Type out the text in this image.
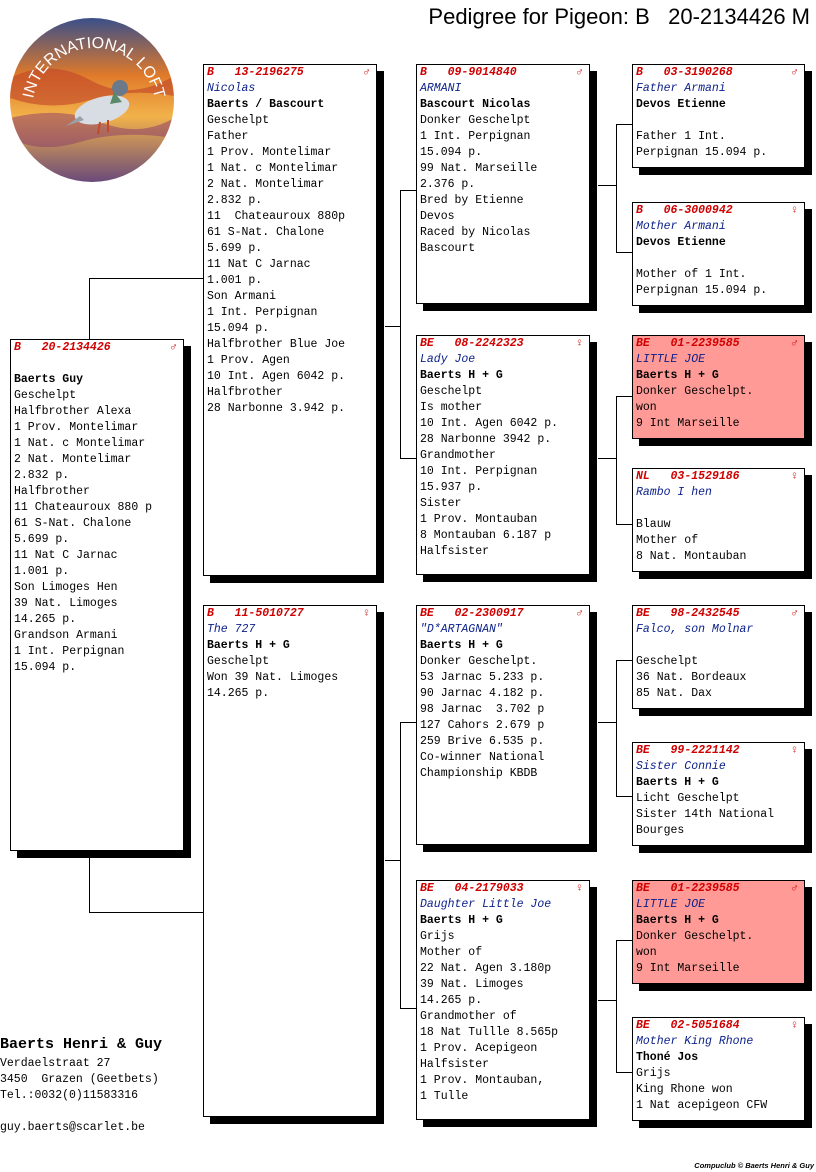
Pedigree for Pigeon: B   20-2134426 M
INTERNATIONAL LOFT
B 20-2134426	♂
Baerts Guy
Geschelpt
Halfbrother Alexa
1 Prov. Montelimar
1 Nat. c Montelimar
2 Nat. Montelimar
2.832 p.
Halfbrother
11 Chateauroux 880 p
61 S-Nat. Chalone
5.699 p.
11 Nat C Jarnac
1.001 p.
Son Limoges Hen
39 Nat. Limoges
14.265 p.
Grandson Armani
1 Int. Perpignan
15.094 p.
B 13-2196275	♂
Nicolas
Baerts / Bascourt
Geschelpt
Father
1 Prov. Montelimar
1 Nat. c Montelimar
2 Nat. Montelimar
2.832 p.
11  Chateauroux 880p
61 S-Nat. Chalone
5.699 p.
11 Nat C Jarnac
1.001 p.
Son Armani
1 Int. Perpignan
15.094 p.
Halfbrother Blue Joe
1 Prov. Agen
10 Int. Agen 6042 p.
Halfbrother
28 Narbonne 3.942 p.
B 11-5010727	♀
The 727
Baerts H + G
Geschelpt
Won 39 Nat. Limoges
14.265 p.
B 09-9014840	♂
ARMANI
Bascourt Nicolas
Donker Geschelpt
1 Int. Perpignan
15.094 p.
99 Nat. Marseille
2.376 p.
Bred by Etienne
Devos
Raced by Nicolas
Bascourt
BE 08-2242323	♀
Lady Joe
Baerts H + G
Geschelpt
Is mother
10 Int. Agen 6042 p.
28 Narbonne 3942 p.
Grandmother
10 Int. Perpignan
15.937 p.
Sister
1 Prov. Montauban
8 Montauban 6.187 p
Halfsister
BE 02-2300917	♂
"D*ARTAGNAN"
Baerts H + G
Donker Geschelpt.
53 Jarnac 5.233 p.
90 Jarnac 4.182 p.
98 Jarnac  3.702 p
127 Cahors 2.679 p
259 Brive 6.535 p.
Co-winner National
Championship KBDB
BE 04-2179033	♀
Daughter Little Joe
Baerts H + G
Grijs
Mother of
22 Nat. Agen 3.180p
39 Nat. Limoges
14.265 p.
Grandmother of
18 Nat Tullle 8.565p
1 Prov. Acepigeon
Halfsister
1 Prov. Montauban,
1 Tulle
B 03-3190268	♂
Father Armani
Devos Etienne
Father 1 Int.
Perpignan 15.094 p.
B 06-3000942	♀
Mother Armani
Devos Etienne
Mother of 1 Int.
Perpignan 15.094 p.
BE 01-2239585	♂
LITTLE JOE
Baerts H + G
Donker Geschelpt.
won
9 Int Marseille
NL 03-1529186	♀
Rambo I hen
Blauw
Mother of
8 Nat. Montauban
BE 98-2432545	♂
Falco, son Molnar
Geschelpt
36 Nat. Bordeaux
85 Nat. Dax
BE 99-2221142	♀
Sister Connie
Baerts H + G
Licht Geschelpt
Sister 14th National
Bourges
BE 01-2239585	♂
LITTLE JOE
Baerts H + G
Donker Geschelpt.
won
9 Int Marseille
BE 02-5051684	♀
Mother King Rhone
Thoné Jos
Grijs
King Rhone won
1 Nat acepigeon CFW
Baerts Henri & Guy
Verdaelstraat 27
3450  Grazen (Geetbets)
Tel.:0032(0)11583316
guy.baerts@scarlet.be
Compuclub © Baerts Henri & Guy
